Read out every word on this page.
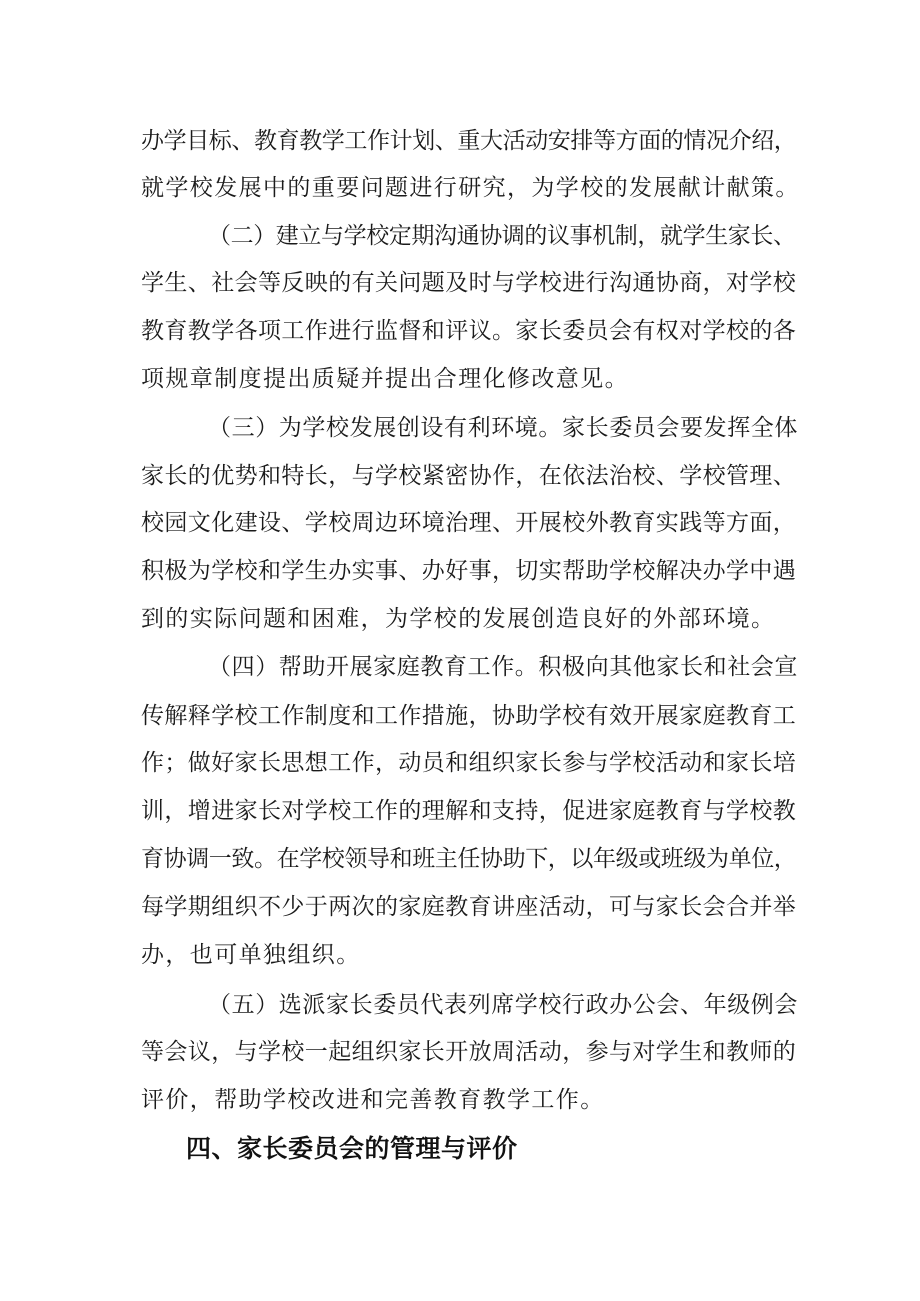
办学目标、教育教学工作计划、重大活动安排等方面的情况介绍，
就学校发展中的重要问题进行研究，为学校的发展献计献策。
（二）建立与学校定期沟通协调的议事机制，就学生家长、
学生、社会等反映的有关问题及时与学校进行沟通协商，对学校
教育教学各项工作进行监督和评议。家长委员会有权对学校的各
项规章制度提出质疑并提出合理化修改意见。
（三）为学校发展创设有利环境。家长委员会要发挥全体
家长的优势和特长，与学校紧密协作，在依法治校、学校管理、
校园文化建设、学校周边环境治理、开展校外教育实践等方面，
积极为学校和学生办实事、办好事，切实帮助学校解决办学中遇
到的实际问题和困难，为学校的发展创造良好的外部环境。
（四）帮助开展家庭教育工作。积极向其他家长和社会宣
传解释学校工作制度和工作措施，协助学校有效开展家庭教育工
作；做好家长思想工作，动员和组织家长参与学校活动和家长培
训，增进家长对学校工作的理解和支持，促进家庭教育与学校教
育协调一致。在学校领导和班主任协助下，以年级或班级为单位，
每学期组织不少于两次的家庭教育讲座活动，可与家长会合并举
办，也可单独组织。
（五）选派家长委员代表列席学校行政办公会、年级例会
等会议，与学校一起组织家长开放周活动，参与对学生和教师的
评价，帮助学校改进和完善教育教学工作。
四、家长委员会的管理与评价
